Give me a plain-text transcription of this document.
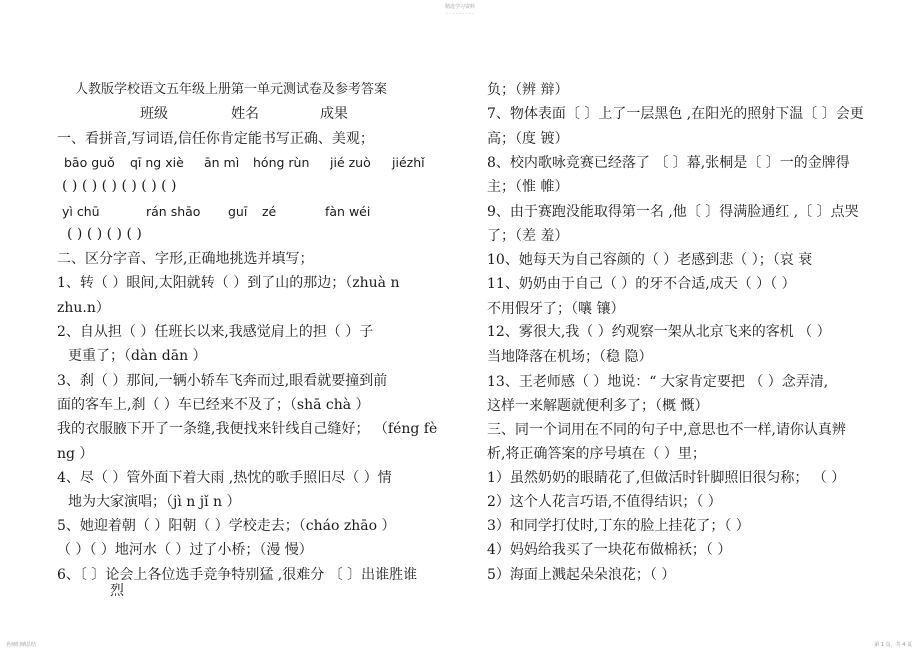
精选学习资料
- - - - - - - - -
人教版学校语文五年级上册第一单元测试卷及参考答案
班级	姓名	成果
一、看拼音,写词语,信任你肯定能书写正确、美观；
bāo guǒ qī ng xiè ān mì hóng rùn jié zuò jiézhǐ
( ) ( ) ( ) ( ) ( ) ( )
yì chū	rán shāo guī zé	fàn wéi
( ) ( ) ( ) ( )
二、区分字音、字形,正确地挑选并填写；
1、转（ ）眼间,太阳就转（ ）到了山的那边；（zhuà n
zhu.n）
2、自从担（ ）任班长以来,我感觉肩上的担（ ）子
更重了；（dàn dān ）
3、刹（ ）那间,一辆小轿车飞奔而过,眼看就要撞到前
面的客车上,刹（ ）车已经来不及了；（shā chà ）
我的衣服腋下开了一条缝,我便找来针线自己缝好； （féng fè
ng ）
4、尽（ ）管外面下着大雨 ,热忱的歌手照旧尽（ ）情
地为大家演唱；（jì n jǐ n ）
5、她迎着朝（ ）阳朝（ ）学校走去；（cháo zhāo ）
（ ）（ ）地河水（ ）过了小桥；（漫 慢）
6、〔 〕论会上各位选手竞争特别猛 ,很难分 〔 〕出谁胜谁
烈
负；（辨 辩）
7、物体表面〔 〕上了一层黑色 ,在阳光的照射下温〔 〕会更
高；（度 镀）
8、校内歌咏竞赛已经落了 〔 〕幕,张桐是〔 〕一的金牌得
主；（惟 帷）
9、由于赛跑没能取得第一名 ,他〔 〕得满脸通红 ,〔 〕点哭
了；（差 羞）
10、她每天为自己容颜的（ ）老感到悲（ ）；（哀 衰
11、奶奶由于自己（ ）的牙不合适,成天（ ）（ ）
不用假牙了；（嚷 镶）
12、雾很大,我（ ）约观察一架从北京飞来的客机 （ ）
当地降落在机场；（稳 隐）
13、王老师感（ ）地说：“ 大家肯定要把 （ ）念弄清,
这样一来解题就便利多了；（概 慨）
三、同一个词用在不同的句子中,意思也不一样,请你认真辨
析,将正确答案的序号填在（ ）里；
1）虽然奶奶的眼睛花了,但做活时针脚照旧很匀称； （ ）
2）这个人花言巧语,不值得结识；（ ）
3）和同学打仗时,丁东的脸上挂花了；（ ）
4）妈妈给我买了一块花布做棉袄；（ ）
5）海面上溅起朵朵浪花；（ ）
名师归纳总结	第 1 页，共 4 页
